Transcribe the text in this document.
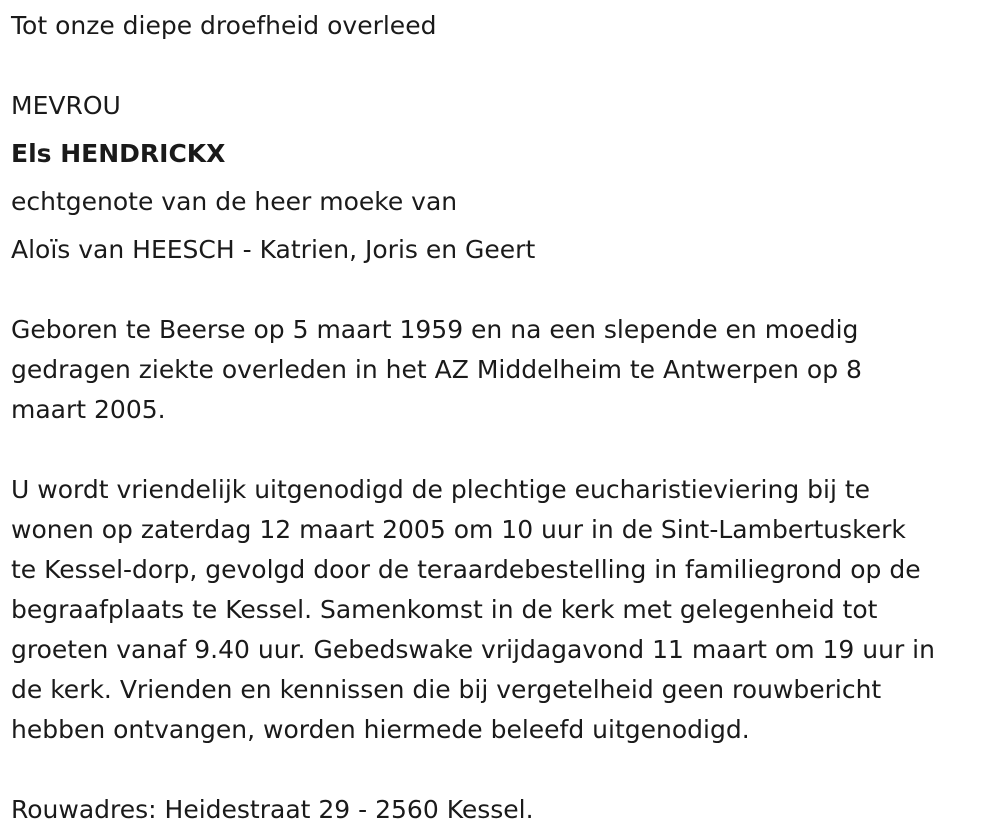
Tot onze diepe droefheid overleed

MEVROU

Els HENDRICKX

echtgenote van de heer moeke van

Aloïs van HEESCH - Katrien, Joris en Geert

Geboren te Beerse op 5 maart 1959 en na een slepende en moedig
gedragen ziekte overleden in het AZ Middelheim te Antwerpen op 8
maart 2005.
U wordt vriendelijk uitgenodigd de plechtige eucharistieviering bij te
wonen op zaterdag 12 maart 2005 om 10 uur in de Sint-Lambertuskerk
te Kessel-dorp, gevolgd door de teraardebestelling in familiegrond op de
begraafplaats te Kessel. Samenkomst in de kerk met gelegenheid tot
groeten vanaf 9.40 uur. Gebedswake vrijdagavond 11 maart om 19 uur in
de kerk. Vrienden en kennissen die bij vergetelheid geen rouwbericht
hebben ontvangen, worden hiermede beleefd uitgenodigd.

Rouwadres: Heidestraat 29 - 2560 Kessel.
